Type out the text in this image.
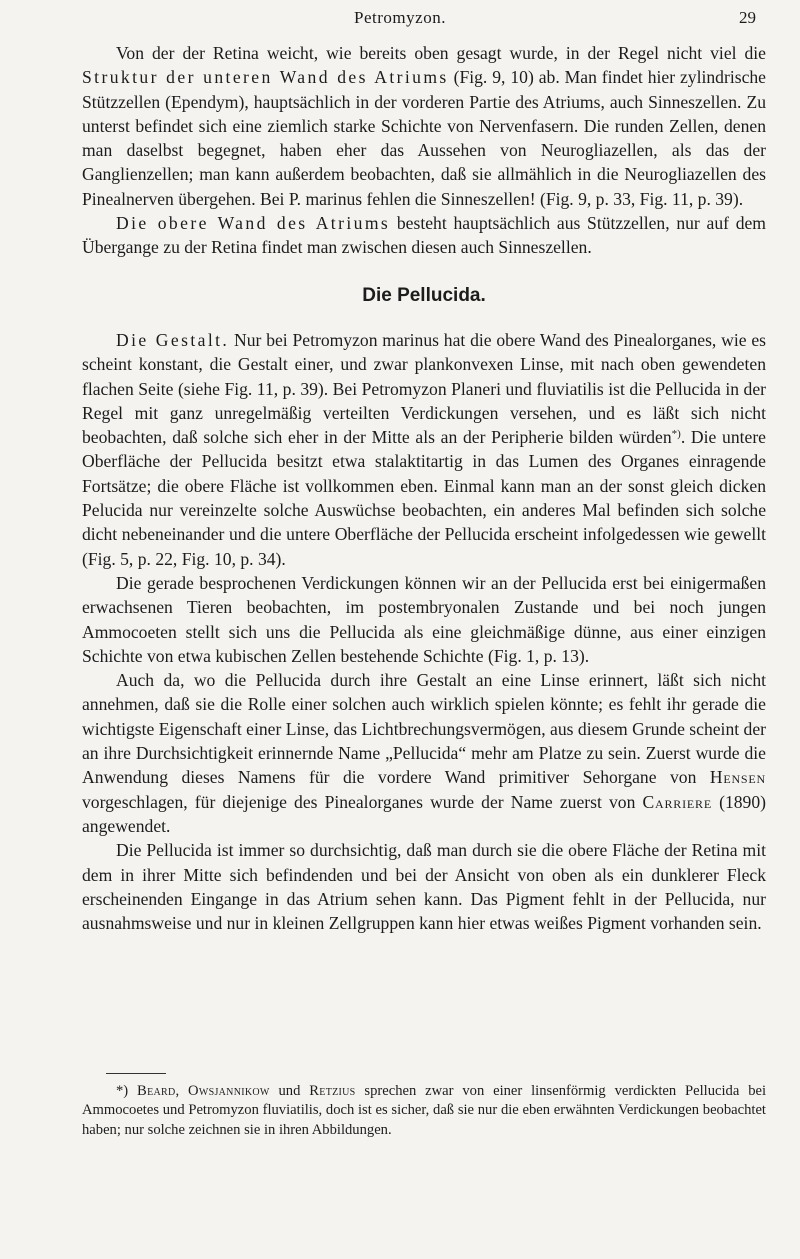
Petromyzon.	29

Von der der Retina weicht, wie bereits oben gesagt wurde, in der Regel nicht viel die Struktur der unteren Wand des Atriums (Fig. 9, 10) ab. Man findet hier zylindrische Stützzellen (Ependym), hauptsächlich in der vorderen Partie des Atriums, auch Sinneszellen. Zu unterst befindet sich eine ziemlich starke Schichte von Nervenfasern. Die runden Zellen, denen man daselbst begegnet, haben eher das Aussehen von Neurogliazellen, als das der Ganglienzellen; man kann außerdem beobachten, daß sie allmählich in die Neurogliazellen des Pinealnerven übergehen. Bei P. marinus fehlen die Sinneszellen! (Fig. 9, p. 33, Fig. 11, p. 39).

Die obere Wand des Atriums besteht hauptsächlich aus Stützzellen, nur auf dem Übergange zu der Retina findet man zwischen diesen auch Sinneszellen.

Die Pellucida.

Die Gestalt. Nur bei Petromyzon marinus hat die obere Wand des Pinealorganes, wie es scheint konstant, die Gestalt einer, und zwar plankonvexen Linse, mit nach oben gewendeten flachen Seite (siehe Fig. 11, p. 39). Bei Petromyzon Planeri und fluviatilis ist die Pellucida in der Regel mit ganz unregelmäßig verteilten Verdickungen versehen, und es läßt sich nicht beobachten, daß solche sich eher in der Mitte als an der Peripherie bilden würden*). Die untere Oberfläche der Pellucida besitzt etwa stalaktitartig in das Lumen des Organes einragende Fortsätze; die obere Fläche ist vollkommen eben. Einmal kann man an der sonst gleich dicken Pelucida nur vereinzelte solche Auswüchse beobachten, ein anderes Mal befinden sich solche dicht nebeneinander und die untere Oberfläche der Pellucida erscheint infolgedessen wie gewellt (Fig. 5, p. 22, Fig. 10, p. 34).

Die gerade besprochenen Verdickungen können wir an der Pellucida erst bei einigermaßen erwachsenen Tieren beobachten, im postembryonalen Zustande und bei noch jungen Ammocoeten stellt sich uns die Pellucida als eine gleichmäßige dünne, aus einer einzigen Schichte von etwa kubischen Zellen bestehende Schichte (Fig. 1, p. 13).

Auch da, wo die Pellucida durch ihre Gestalt an eine Linse erinnert, läßt sich nicht annehmen, daß sie die Rolle einer solchen auch wirklich spielen könnte; es fehlt ihr gerade die wichtigste Eigenschaft einer Linse, das Lichtbrechungsvermögen, aus diesem Grunde scheint der an ihre Durchsichtigkeit erinnernde Name „Pellucida“ mehr am Platze zu sein. Zuerst wurde die Anwendung dieses Namens für die vordere Wand primitiver Sehorgane von Hensen vorgeschlagen, für diejenige des Pinealorganes wurde der Name zuerst von Carriere (1890) angewendet.

Die Pellucida ist immer so durchsichtig, daß man durch sie die obere Fläche der Retina mit dem in ihrer Mitte sich befindenden und bei der Ansicht von oben als ein dunklerer Fleck erscheinenden Eingange in das Atrium sehen kann. Das Pigment fehlt in der Pellucida, nur ausnahmsweise und nur in kleinen Zellgruppen kann hier etwas weißes Pigment vorhanden sein.

*) Beard, Owsjannikow und Retzius sprechen zwar von einer linsenförmig verdickten Pellucida bei Ammocoetes und Petromyzon fluviatilis, doch ist es sicher, daß sie nur die eben erwähnten Verdickungen beobachtet haben; nur solche zeichnen sie in ihren Abbildungen.
